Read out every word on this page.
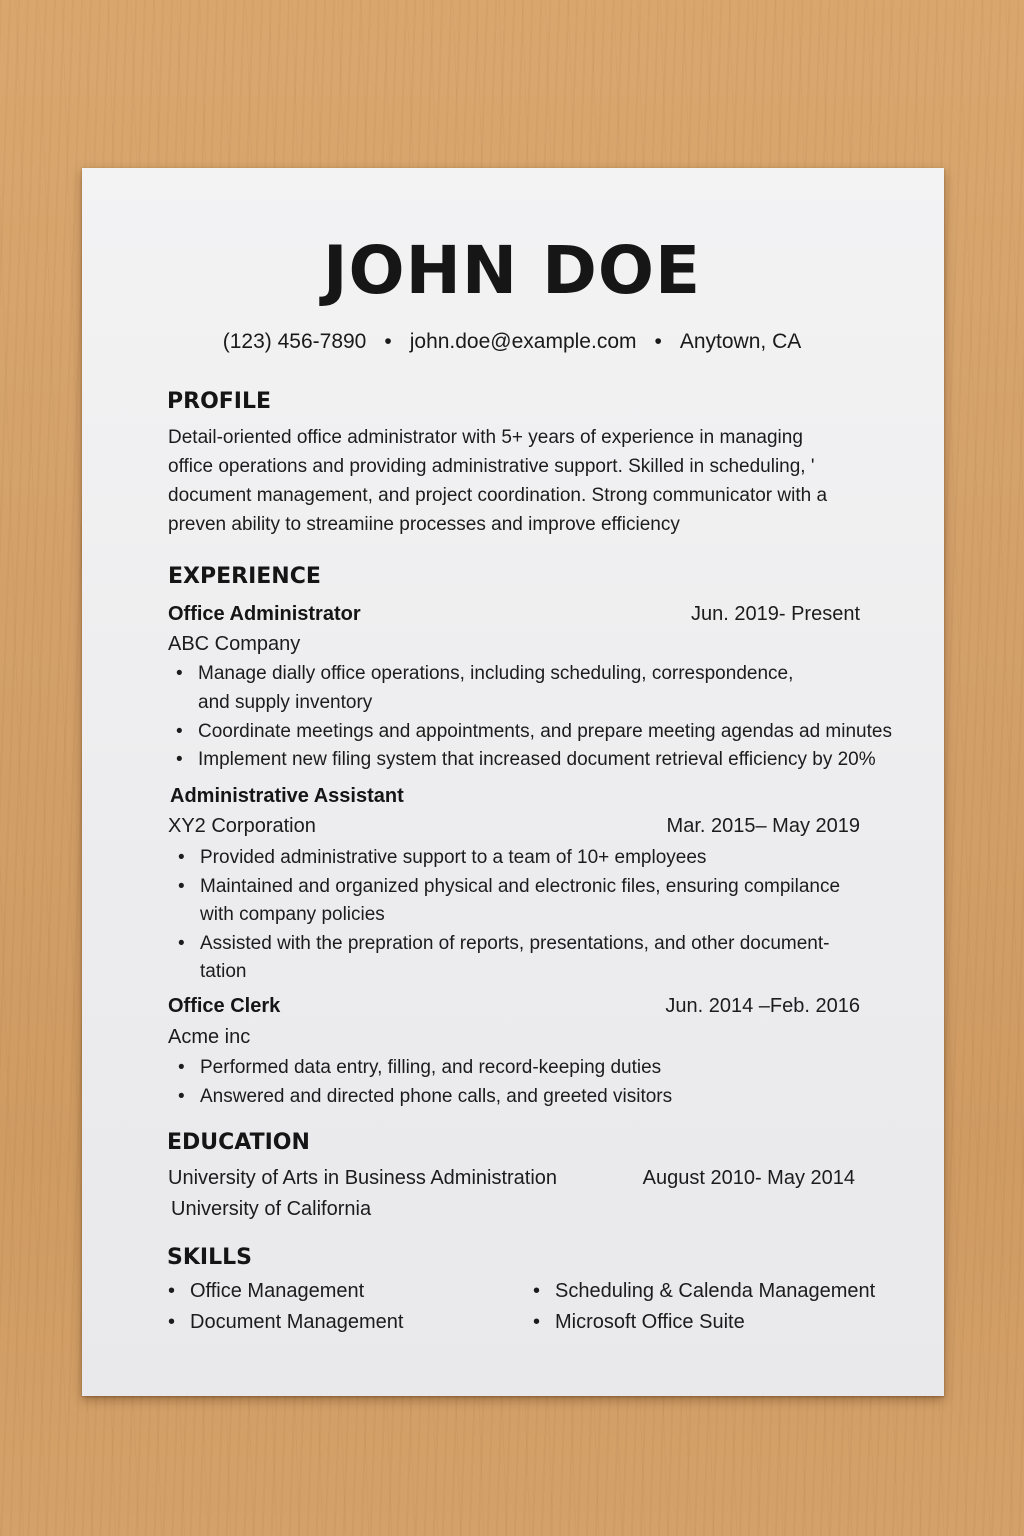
JOHN DOE
(123) 456-7890 • john.doe@example.com • Anytown, CA
PROFILE
Detail-oriented office administrator with 5+ years of experience in managing
office operations and providing administrative support. Skilled in scheduling, '
document management, and project coordination. Strong communicator with a
preven ability to streamiine processes and improve efficiency
EXPERIENCE
Office Administrator	Jun. 2019- Present
ABC Company
• Manage dially office operations, including scheduling, correspondence,
and supply inventory
• Coordinate meetings and appointments, and prepare meeting agendas ad minutes
• Implement new filing system that increased document retrieval efficiency by 20%
Administrative Assistant
XY2 Corporation	Mar. 2015– May 2019
• Provided administrative support to a team of 10+ employees
• Maintained and organized physical and electronic files, ensuring compilance
with company policies
• Assisted with the prepration of reports, presentations, and other document-
tation
Office Clerk	Jun. 2014 –Feb. 2016
Acme inc
• Performed data entry, filling, and record-keeping duties
• Answered and directed phone calls, and greeted visitors
EDUCATION
University of Arts in Business Administration	August 2010- May 2014
University of California
SKILLS
• Office Management
• Document Management
• Scheduling & Calenda Management
• Microsoft Office Suite
